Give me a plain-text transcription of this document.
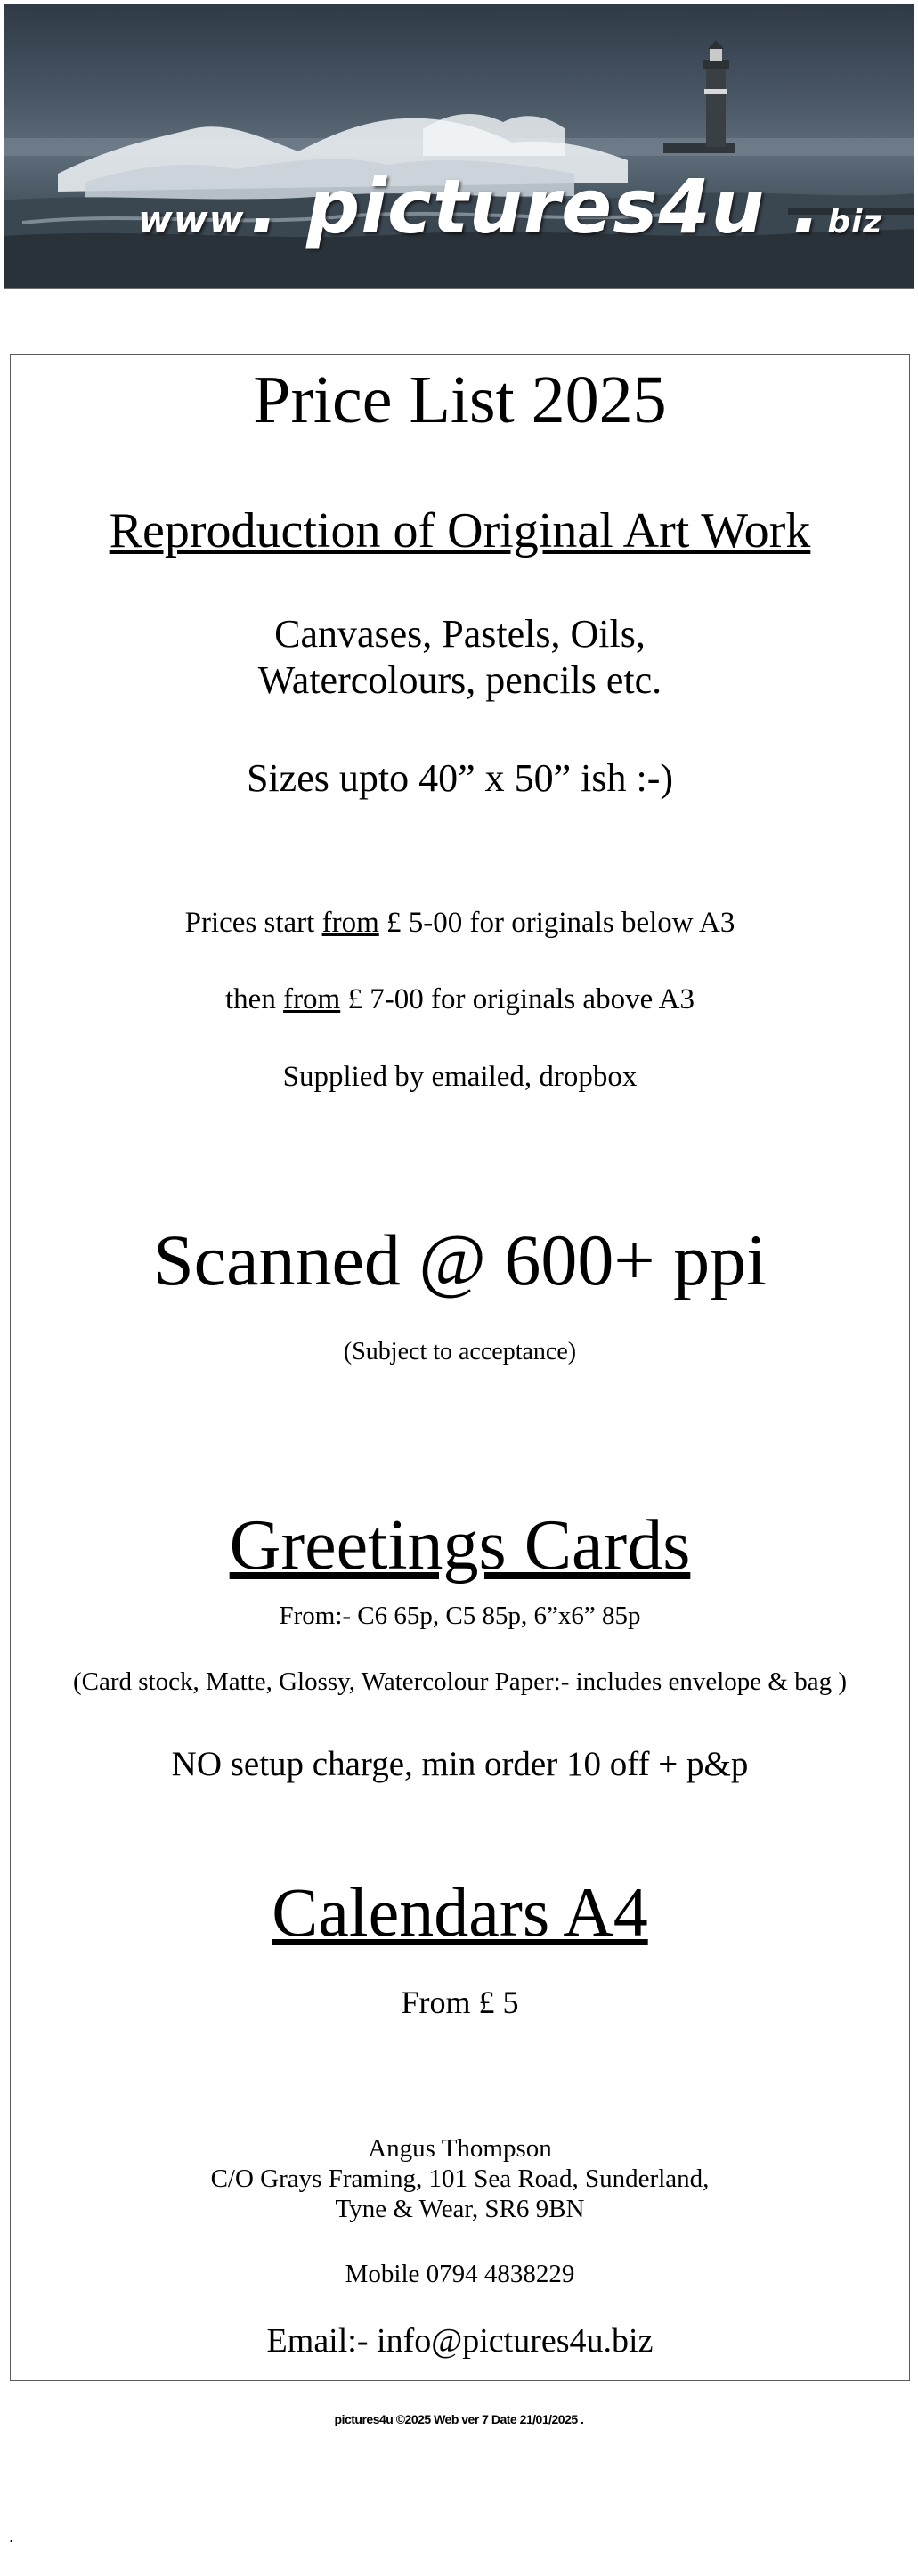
www . pictures4u . biz
Price List 2025
Reproduction of Original Art Work
Canvases, Pastels, Oils,
Watercolours, pencils etc.
Sizes upto 40” x 50” ish :-)
Prices start from £ 5-00 for originals below A3
then from £ 7-00 for originals above A3
Supplied by emailed, dropbox
Scanned @ 600+ ppi
(Subject to acceptance)
Greetings Cards
From:- C6 65p, C5 85p, 6”x6” 85p
(Card stock, Matte, Glossy, Watercolour Paper:- includes envelope & bag )
NO setup charge, min order 10 off + p&p
Calendars A4
From £ 5
Angus Thompson
C/O Grays Framing, 101 Sea Road, Sunderland,
Tyne & Wear, SR6 9BN
Mobile 0794 4838229
Email:- info@pictures4u.biz
pictures4u ©2025 Web ver 7 Date 21/01/2025 .
.
